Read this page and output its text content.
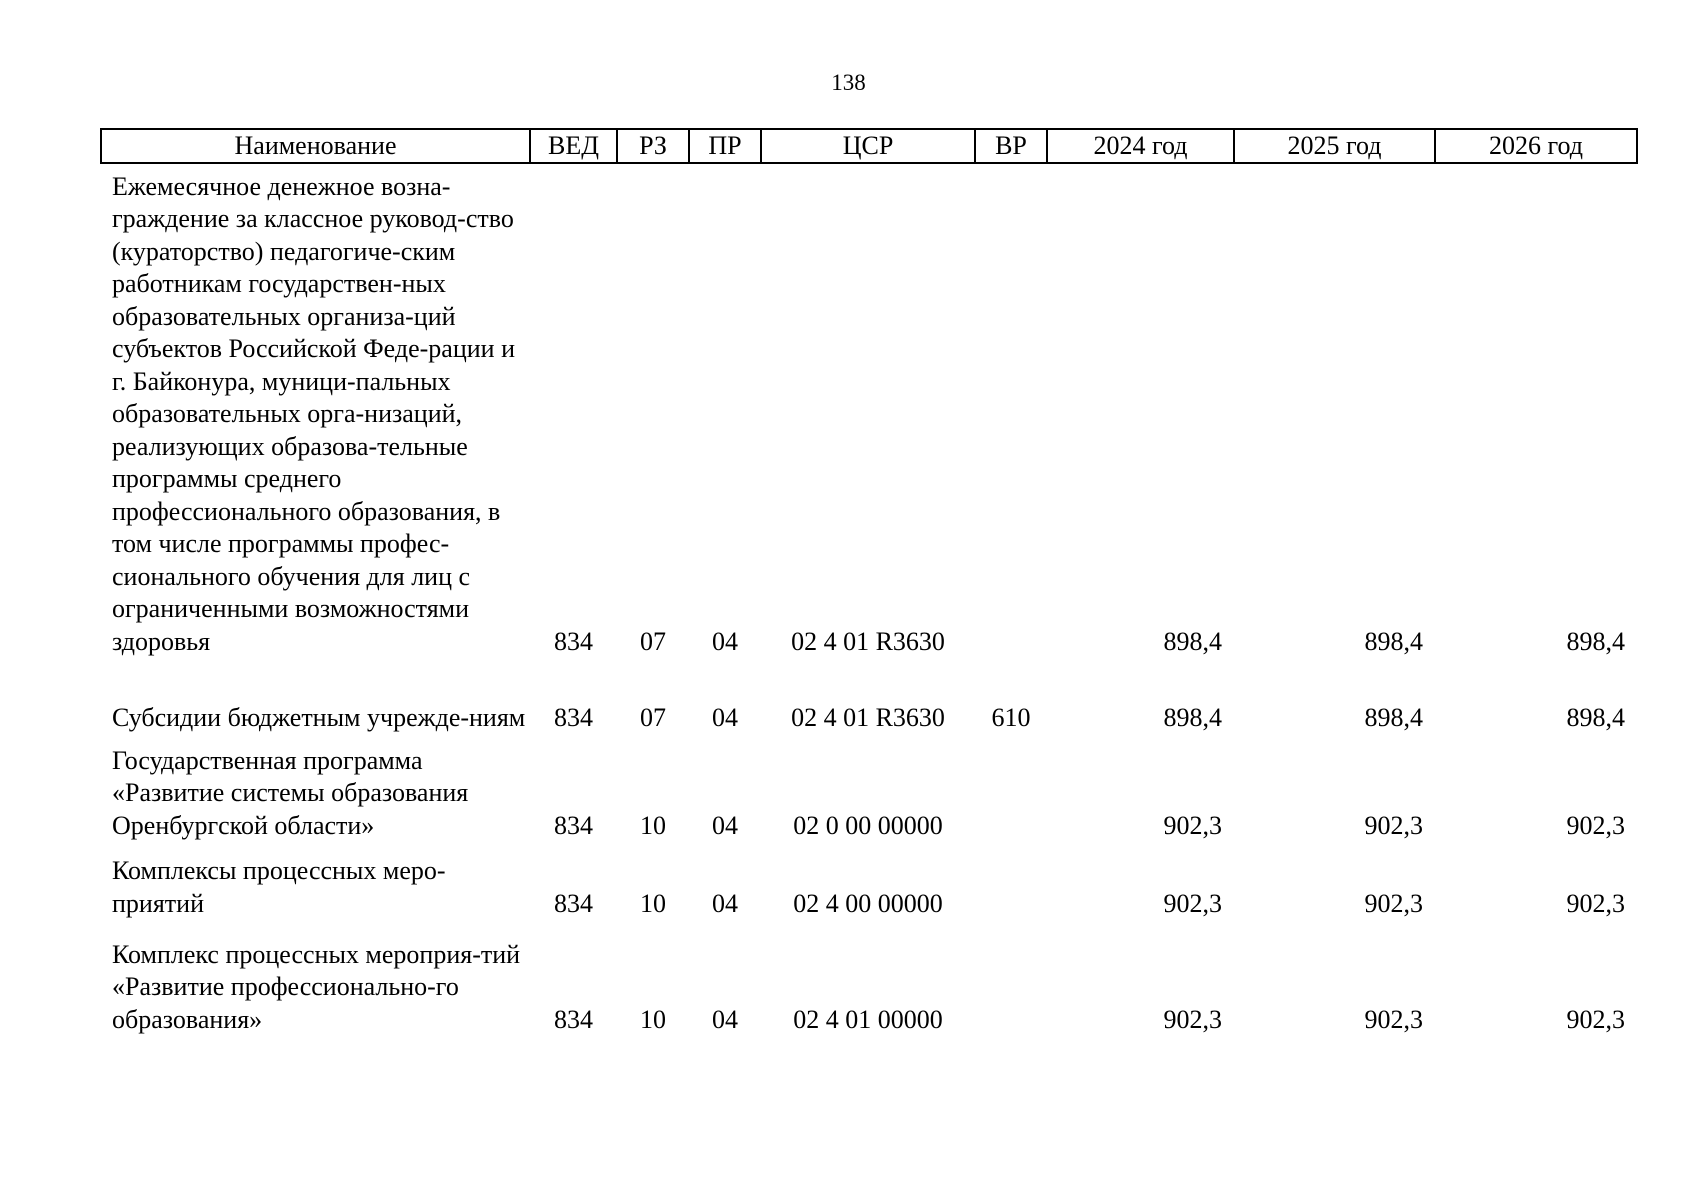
138
Наименование	ВЕД	РЗ	ПР	ЦСР	ВР	2024 год	2025 год	2026 год
Ежемесячное денежное возна-граждение за классное руковод-ство (кураторство) педагогиче-ским работникам государствен-ных образовательных организа-ций субъектов Российской Феде-рации и г. Байконура, муници-пальных образовательных орга-низаций, реализующих образова-тельные программы среднего профессионального образования, в том числе программы профес-сионального обучения для лиц с ограниченными возможностями здоровья	834	07	04	02 4 01 R3630		898,4	898,4	898,4
Субсидии бюджетным учрежде-ниям	834	07	04	02 4 01 R3630	610	898,4	898,4	898,4
Государственная программа «Развитие системы образования Оренбургской области»	834	10	04	02 0 00 00000		902,3	902,3	902,3
Комплексы процессных меро-приятий	834	10	04	02 4 00 00000		902,3	902,3	902,3
Комплекс процессных мероприя-тий «Развитие профессионально-го образования»	834	10	04	02 4 01 00000		902,3	902,3	902,3
